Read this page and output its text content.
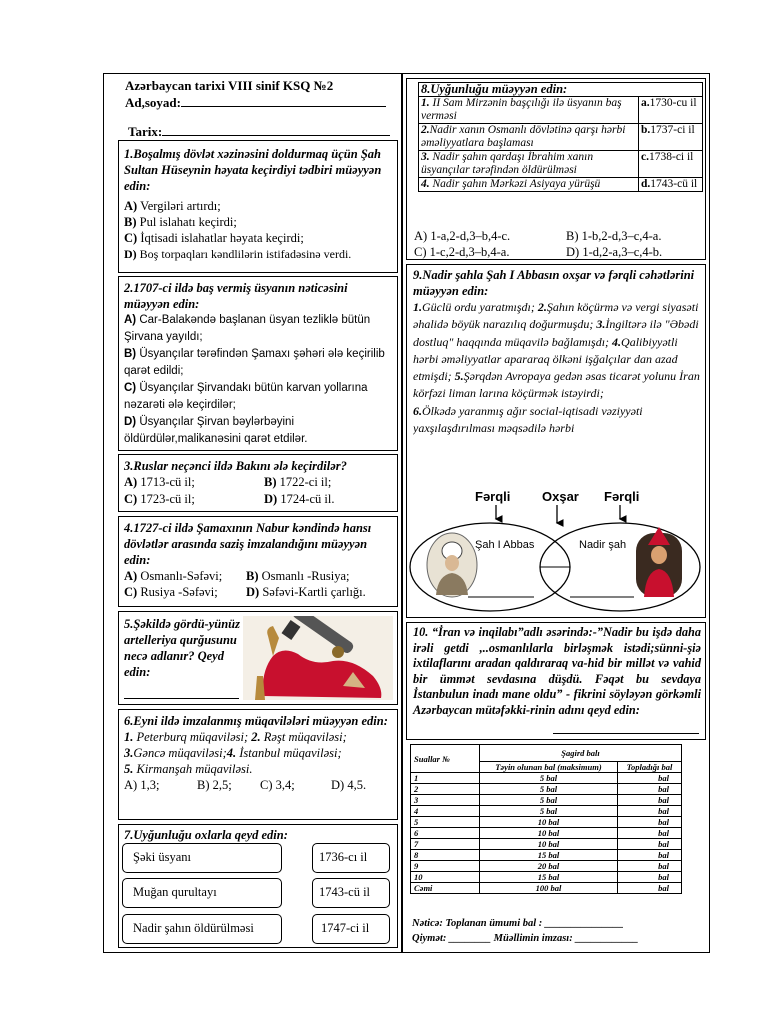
Azərbaycan tarixi VIII sinif KSQ №2
Ad,soyad:
Tarix:
1.Boşalmış dövlət xəzinəsini doldurmaq üçün Şah Sultan Hüseynin həyata keçirdiyi tədbiri müəyyən edin:
A) Vergiləri artırdı;
B) Pul islahatı keçirdi;
C) İqtisadi islahatlar həyata keçirdi;
D) Boş torpaqları kəndlilərin istifadəsinə verdi.
2.1707-ci ildə baş vermiş üsyanın nəticəsini müəyyən edin:
A) Car-Balakəndə başlanan üsyan tezliklə bütün Şirvana yayıldı;
B) Üsyançılar tərəfindən Şamaxı şəhəri ələ keçirilib qarət edildi;
C) Üsyançılar Şirvandakı bütün karvan yollarına nəzarəti ələ keçirdilər;
D) Üsyançılar Şirvan bəylərbəyini öldürdülər,malikanəsini qarət etdilər.
3.Ruslar neçənci ildə Bakını ələ keçirdilər?
A) 1713-cü il;	B) 1722-ci il;
C) 1723-cü il;	D) 1724-cü il.
4.1727-ci ildə Şamaxının Nabur kəndində hansı dövlətlər arasında saziş imzalandığını müəyyən edin:
A) Osmanlı-Səfəvi; B) Osmanlı -Rusiya;
C) Rusiya -Səfəvi; D) Səfəvi-Kartli çarlığı.
5.Şəkildə gördü-yünüz artelleriya qurğusunu necə adlanır? Qeyd edin:
6.Eyni ildə imzalanmış müqavilələri müəyyən edin:
1. Peterburq müqaviləsi; 2. Rəşt müqaviləsi;
3.Gəncə müqaviləsi;4. İstanbul müqaviləsi;
5. Kirmanşah müqaviləsi.
A) 1,3;	B) 2,5; C) 3,4;	D) 4,5.
7.Uyğunluğu oxlarla qeyd edin:
Şəki üsyanı
Muğan qurultayı
Nadir şahın öldürülməsi
1736-cı il
1743-cü il
1747-ci il
8.Uyğunluğu müəyyən edin:	
1. II Sam Mirzənin başçılığı ilə üsyanın baş verməsi	a.1730-cu il
2.Nadir xanın Osmanlı dövlətinə qarşı hərbi əməliyyatlara başlaması	b.1737-ci il
3. Nadir şahın qardaşı İbrahim xanın üsyançılar tərəfindən öldürülməsi	c.1738-ci il
4. Nadir şahın Mərkəzi Asiyaya yürüşü	d.1743-cü il
A) 1-a,2-d,3–b,4-c.	B) 1-b,2-d,3–c,4-a.
C) 1-c,2-d,3–b,4-a.	D) 1-d,2-a,3–c,4-b.
9.Nadir şahla Şah I Abbasın oxşar və fərqli cəhətlərini müəyyən edin:
1.Güclü ordu yaratmışdı; 2.Şahın köçürmə və vergi siyasəti əhalidə böyük narazılıq doğurmuşdu; 3.İngiltərə ilə "Əbədi dostluq" haqqında müqavilə bağlamışdı; 4.Qalibiyyətli hərbi əməliyyatlar apararaq ölkəni işğalçılar dan azad etmişdi; 5.Şərqdən Avropaya gedən əsas ticarət yolunu İran körfəzi liman larına köçürmək istəyirdi;
6.Ölkədə yaranmış ağır social-iqtisadi vəziyyəti yaxşılaşdırılması məqsədilə hərbi
Fərqli Oxşar Fərqli
Şah I Abbas	Nadir şah
10. “İran və inqilabı”adlı əsərində:-”Nadir bu işdə daha irəli getdi ,..osmanlılarla birləşmək istədi;sünni-şiə ixtilaflarını aradan qaldıraraq va-hid bir millət və vahid bir ümmət sevdasına düşdü. Fəqət bu sevdaya İstanbulun inadı mane oldu” - fikrini söyləyən görkəmli Azərbaycan mütəfəkki-rinin adını qeyd edin:
Suallar №	Şagird balı	
	Təyin olunan bal (maksimum)	Topladığı bal
1	5 bal	bal
2	5 bal	bal
3	5 bal	bal
4	5 bal	bal
5	10 bal	bal
6	10 bal	bal
7	10 bal	bal
8	15 bal	bal
9	20 bal	bal
10	15 bal	bal
Cəmi	100 bal	bal
Nəticə: Toplanan ümumi bal : _______________
Qiymət: ________ Müəllimin imzası: ____________
